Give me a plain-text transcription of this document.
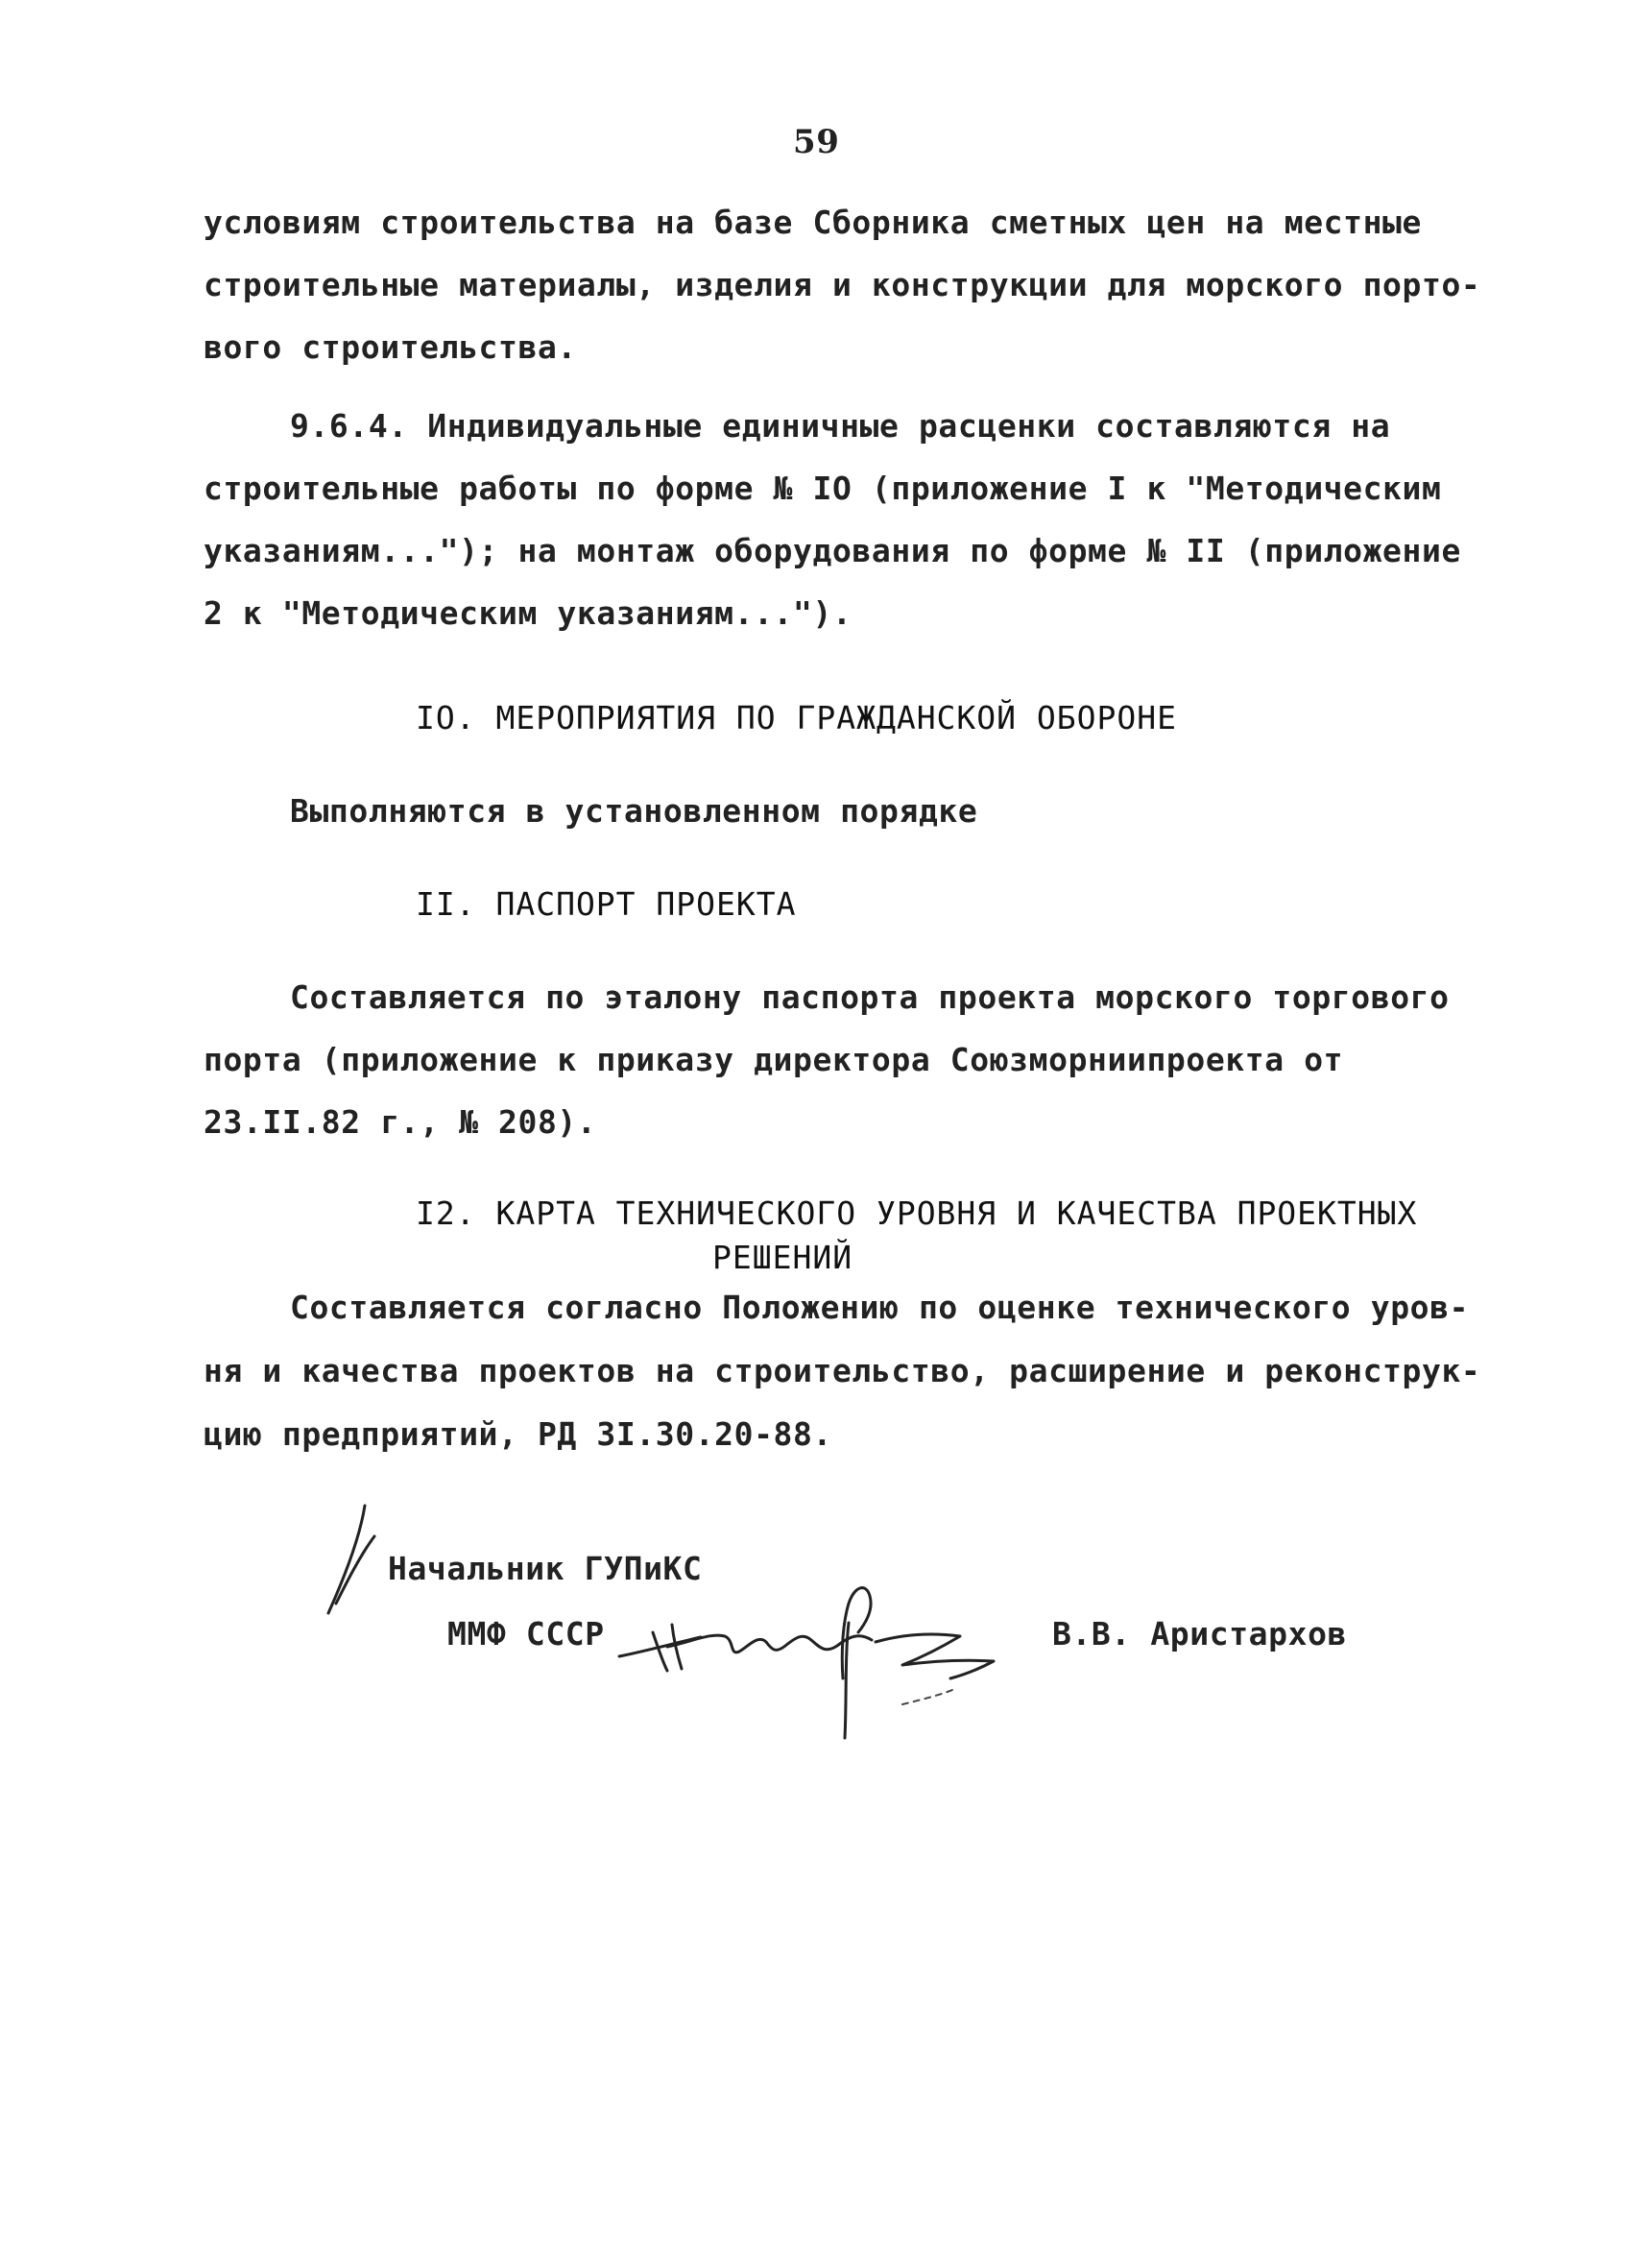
59
условиям строительства на базе Сборника сметных цен на местные
строительные материалы, изделия и конструкции для морского порто-
вого строительства.
9.6.4. Индивидуальные единичные расценки составляются на
строительные работы по форме № IO (приложение I к "Методическим
указаниям..."); на монтаж оборудования по форме № II (приложение
2 к "Методическим указаниям...").
IO. МЕРОПРИЯТИЯ ПО ГРАЖДАНСКОЙ ОБОРОНЕ
Выполняются в установленном порядке
II. ПАСПОРТ ПРОЕКТА
Составляется по эталону паспорта проекта морского торгового
порта (приложение к приказу директора Союзморниипроекта от
23.II.82 г., № 208).
I2. КАРТА ТЕХНИЧЕСКОГО УРОВНЯ И КАЧЕСТВА ПРОЕКТНЫХ
РЕШЕНИЙ
Составляется согласно Положению по оценке технического уров-
ня и качества проектов на строительство, расширение и реконструк-
цию предприятий, РД 3I.30.20-88.
Начальник ГУПиКС
ММФ СССР	В.В. Аристархов
